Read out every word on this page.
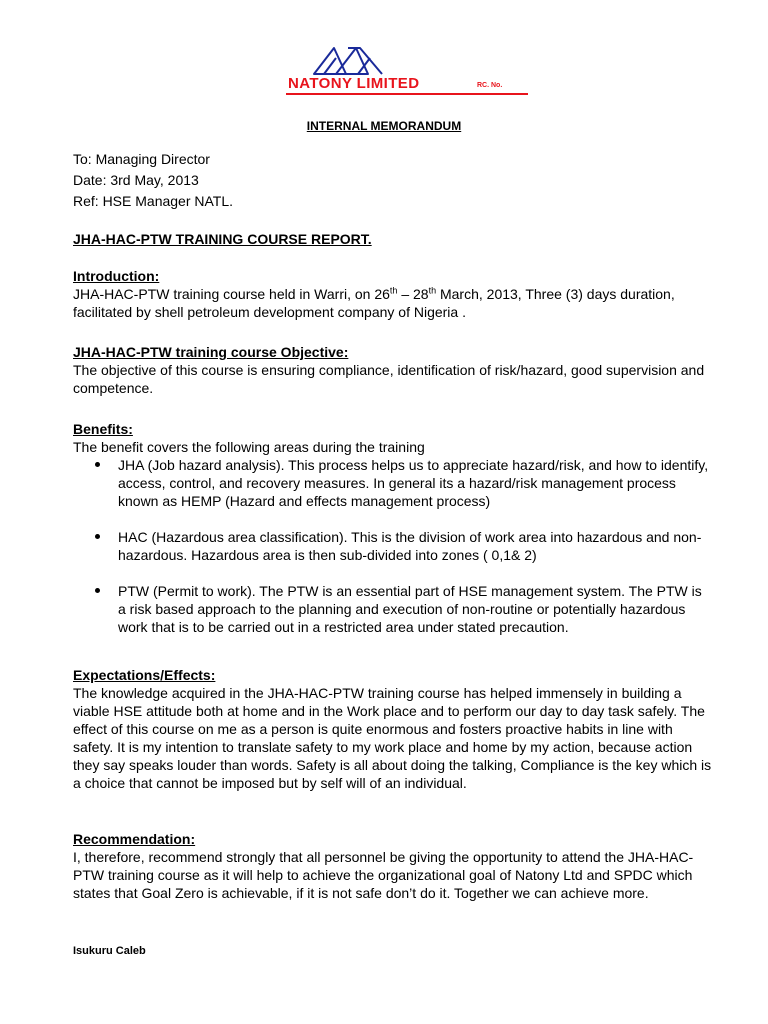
NATONY LIMITED	RC. No.
INTERNAL MEMORANDUM
To: Managing Director
Date: 3rd May, 2013
Ref: HSE Manager NATL.
JHA-HAC-PTW TRAINING COURSE REPORT.
Introduction:

JHA-HAC-PTW training course held in Warri, on 26th – 28th March, 2013, Three (3) days duration, facilitated by shell petroleum development company of Nigeria .

JHA-HAC-PTW training course Objective:

The objective of this course is ensuring compliance, identification of risk/hazard, good supervision and competence.

Benefits:

The benefit covers the following areas during the training

JHA (Job hazard analysis). This process helps us to appreciate hazard/risk, and how to identify, access, control, and recovery measures. In general its a hazard/risk management process known as HEMP (Hazard and effects management process)
HAC (Hazardous area classification). This is the division of work area into hazardous and non-hazardous. Hazardous area is then sub-divided into zones ( 0,1& 2)
PTW (Permit to work). The PTW is an essential part of HSE management system. The PTW is a risk based approach to the planning and execution of non-routine or potentially hazardous work that is to be carried out in a restricted area under stated precaution.
Expectations/Effects:

The knowledge acquired in the JHA-HAC-PTW training course has helped immensely in building a viable HSE attitude both at home and in the Work place and to perform our day to day task safely. The effect of this course on me as a person is quite enormous and fosters proactive habits in line with safety. It is my intention to translate safety to my work place and home by my action, because action they say speaks louder than words. Safety is all about doing the talking, Compliance is the key which is a choice that cannot be imposed but by self will of an individual.

Recommendation:

I, therefore, recommend strongly that all personnel be giving the opportunity to attend the JHA-HAC-PTW training course as it will help to achieve the organizational goal of Natony Ltd and SPDC which states that Goal Zero is achievable, if it is not safe don’t do it. Together we can achieve more.

Isukuru Caleb
